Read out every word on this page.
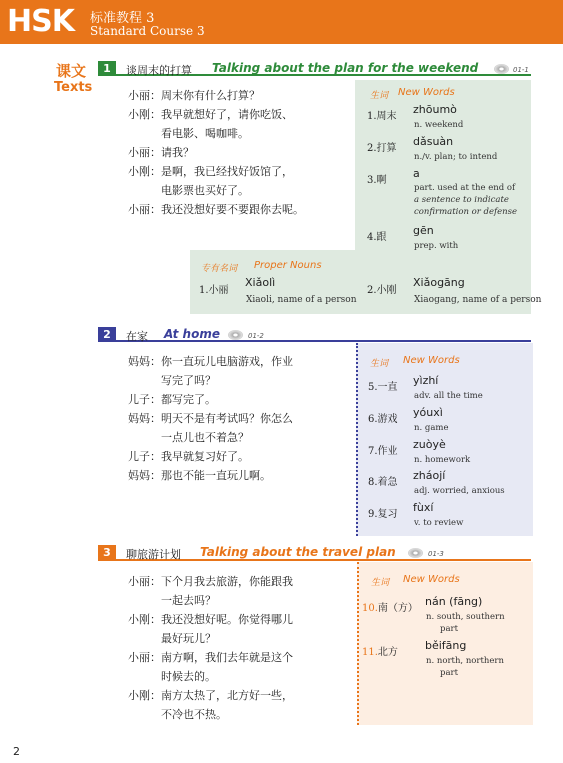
HSK 标准教程 3
Standard Course 3
课文
Texts
1	谈周末的打算 Talking about the plan for the weekend	01-1
小丽：周末你有什么打算？
小刚：我早就想好了，请你吃饭、
看电影、喝咖啡。
小丽：请我？
小刚：是啊，我已经找好饭馆了，
电影票也买好了。
小丽：我还没想好要不要跟你去呢。
生词 New Words
1.周末
zhōumò
n. weekend
2.打算
dǎsuàn
n./v. plan; to intend
3.啊
a
part. used at the end of
a sentence to indicate
confirmation or defense
4.跟
gēn
prep. with
专有名词 Proper Nouns
1.小丽
Xiǎolì
Xiaoli, name of a person
2.小刚
Xiǎogāng
Xiaogang, name of a person
2	在家 At home	01-2
妈妈：你一直玩儿电脑游戏，作业
写完了吗？
儿子：都写完了。
妈妈：明天不是有考试吗？你怎么
一点儿也不着急？
儿子：我早就复习好了。
妈妈：那也不能一直玩儿啊。
生词 New Words
5.一直
yìzhí
adv. all the time
6.游戏
yóuxì
n. game
7.作业
zuòyè
n. homework
8.着急
zháojí
adj. worried, anxious
9.复习
fùxí
v. to review
3	聊旅游计划 Talking about the travel plan	01-3
小丽：下个月我去旅游，你能跟我
一起去吗？
小刚：我还没想好呢。你觉得哪儿
最好玩儿？
小丽：南方啊，我们去年就是这个
时候去的。
小刚：南方太热了，北方好一些，
不冷也不热。
生词 New Words
10.南（方）
nán (fāng)
n. south, southern
part
11.北方
běifāng
n. north, northern
part
2
